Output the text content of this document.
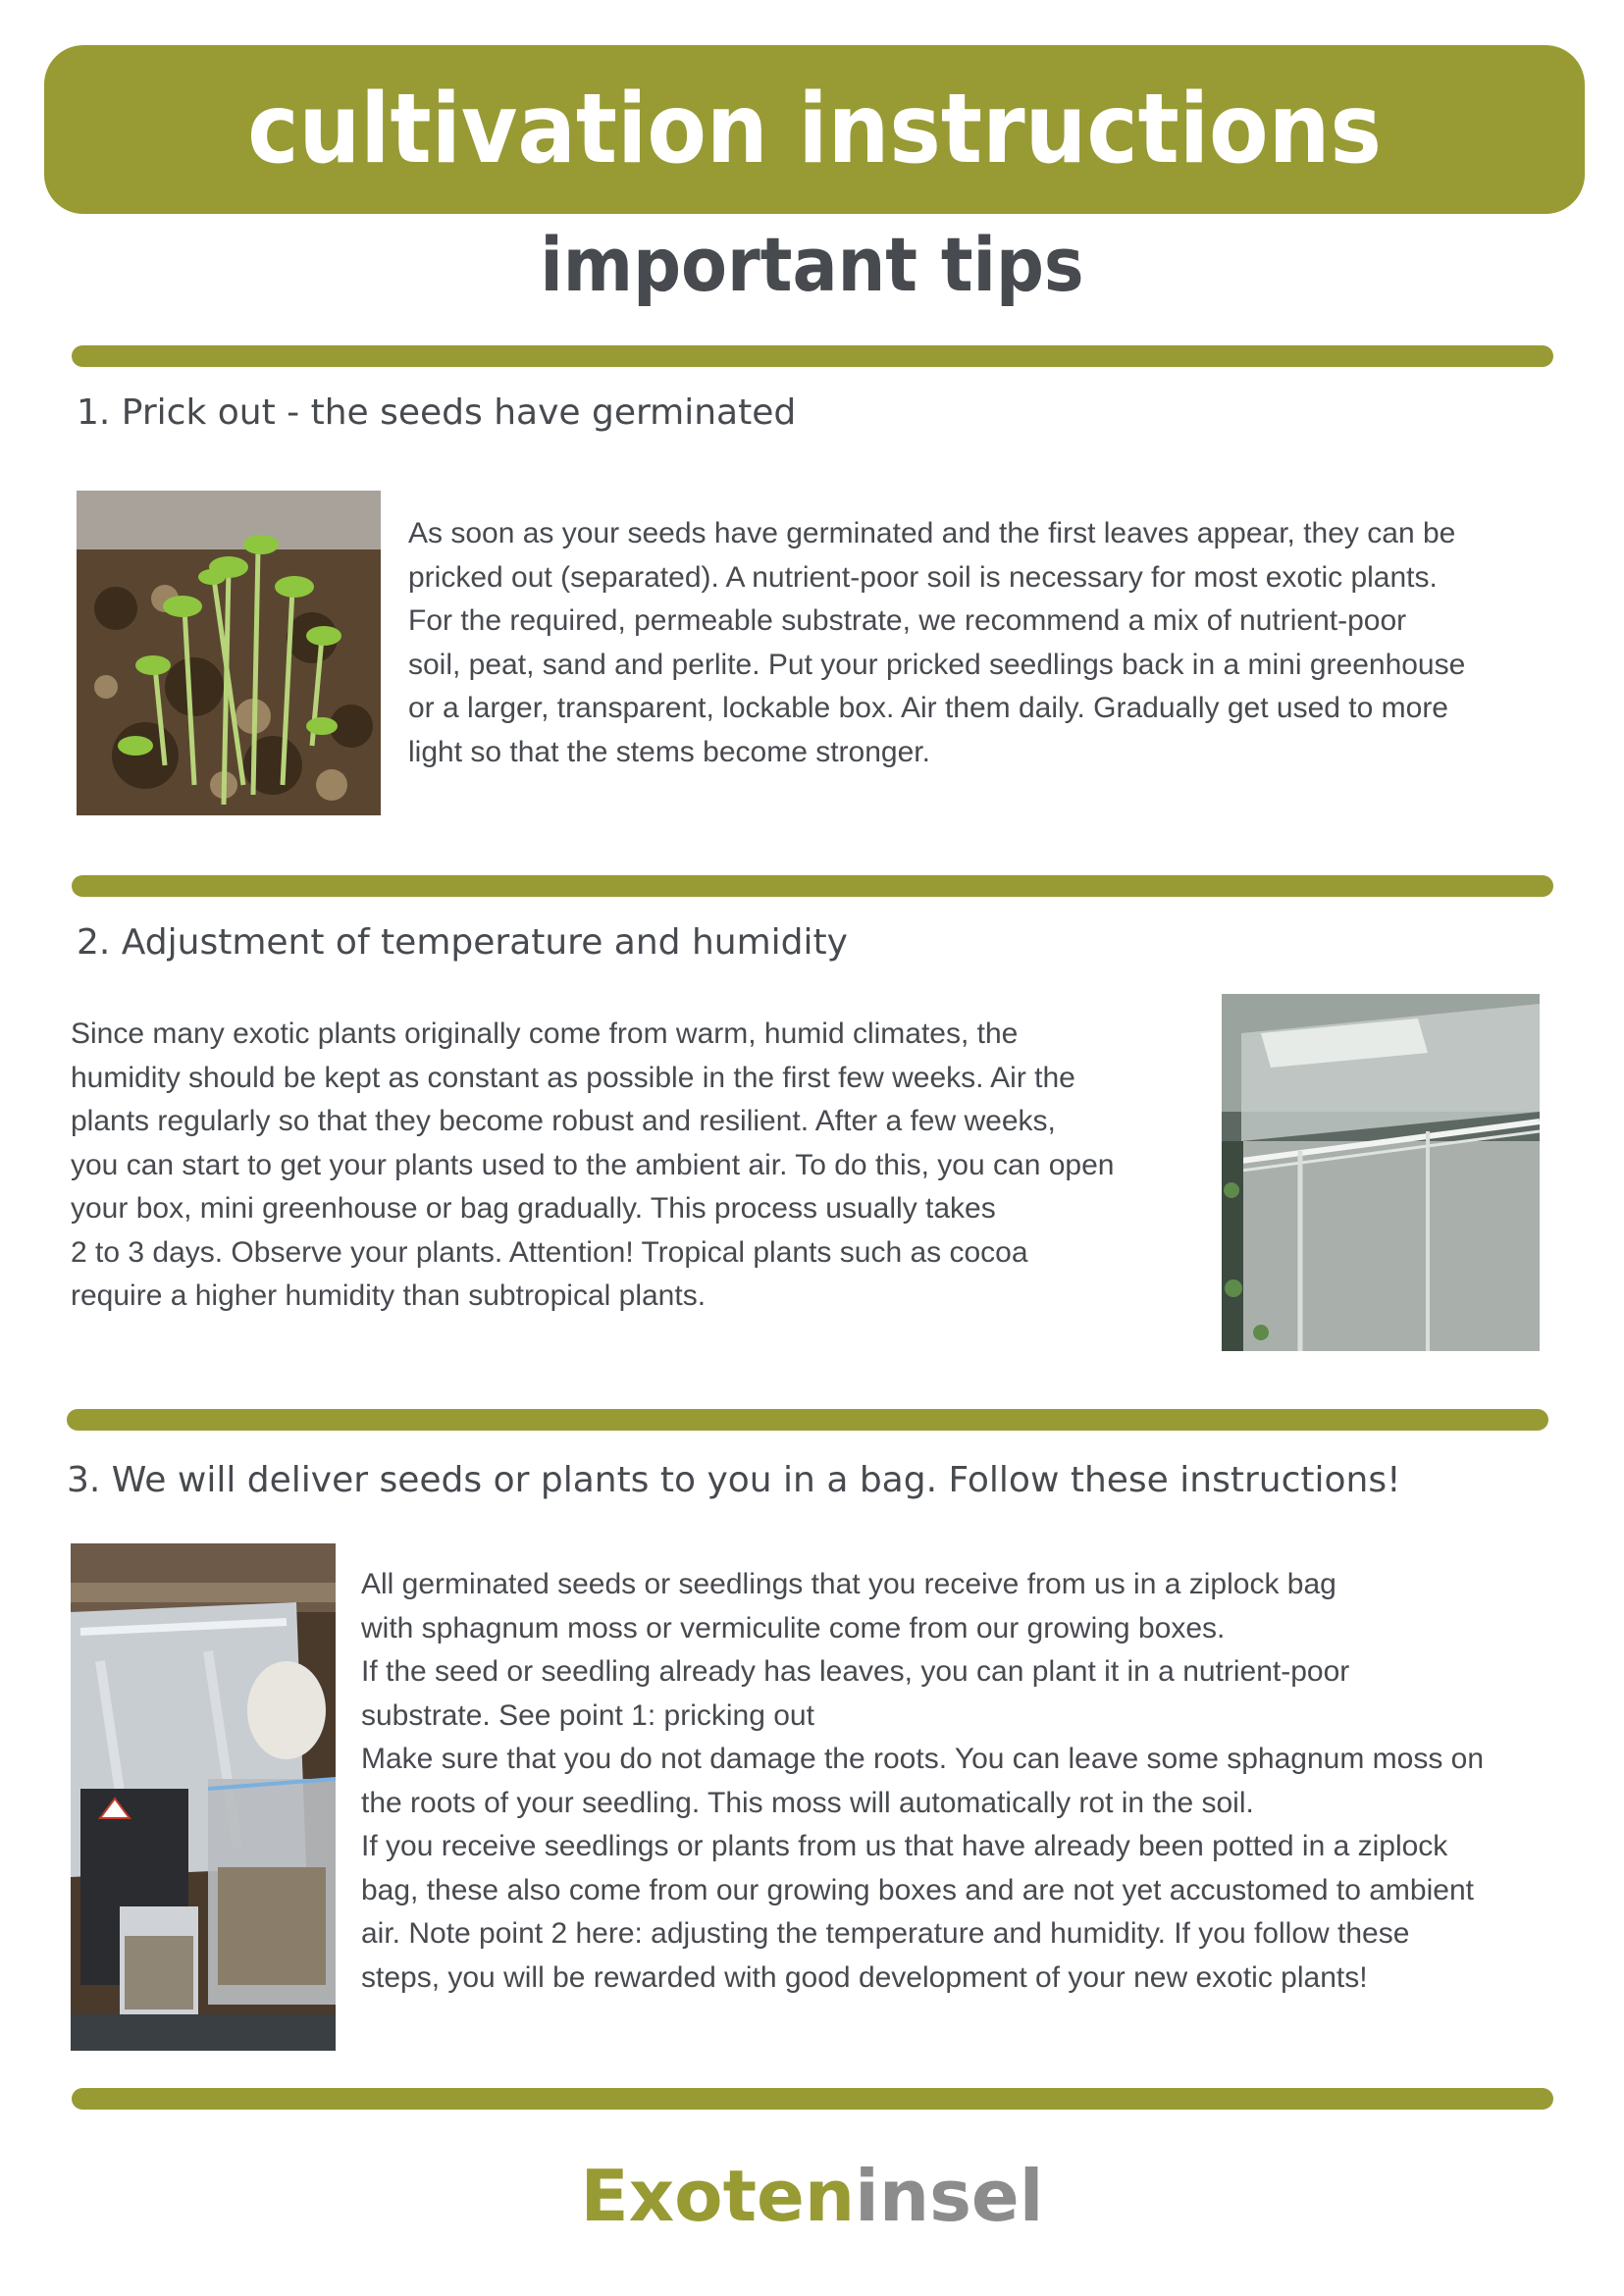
cultivation instructions
important tips
1. Prick out - the seeds have germinated
As soon as your seeds have germinated and the first leaves appear, they can be
pricked out (separated). A nutrient-poor soil is necessary for most exotic plants.
For the required, permeable substrate, we recommend a mix of nutrient-poor
soil, peat, sand and perlite. Put your pricked seedlings back in a mini greenhouse
or a larger, transparent, lockable box. Air them daily. Gradually get used to more
light so that the stems become stronger.
2. Adjustment of temperature and humidity
Since many exotic plants originally come from warm, humid climates, the
humidity should be kept as constant as possible in the first few weeks. Air the
plants regularly so that they become robust and resilient. After a few weeks,
you can start to get your plants used to the ambient air. To do this, you can open
your box, mini greenhouse or bag gradually. This process usually takes
2 to 3 days. Observe your plants. Attention! Tropical plants such as cocoa
require a higher humidity than subtropical plants.
3. We will deliver seeds or plants to you in a bag. Follow these instructions!
All germinated seeds or seedlings that you receive from us in a ziplock bag
with sphagnum moss or vermiculite come from our growing boxes.
If the seed or seedling already has leaves, you can plant it in a nutrient-poor
substrate. See point 1: pricking out
Make sure that you do not damage the roots. You can leave some sphagnum moss on
the roots of your seedling. This moss will automatically rot in the soil.
If you receive seedlings or plants from us that have already been potted in a ziplock
bag, these also come from our growing boxes and are not yet accustomed to ambient
air. Note point 2 here: adjusting the temperature and humidity. If you follow these
steps, you will be rewarded with good development of your new exotic plants!
Exoteninsel
